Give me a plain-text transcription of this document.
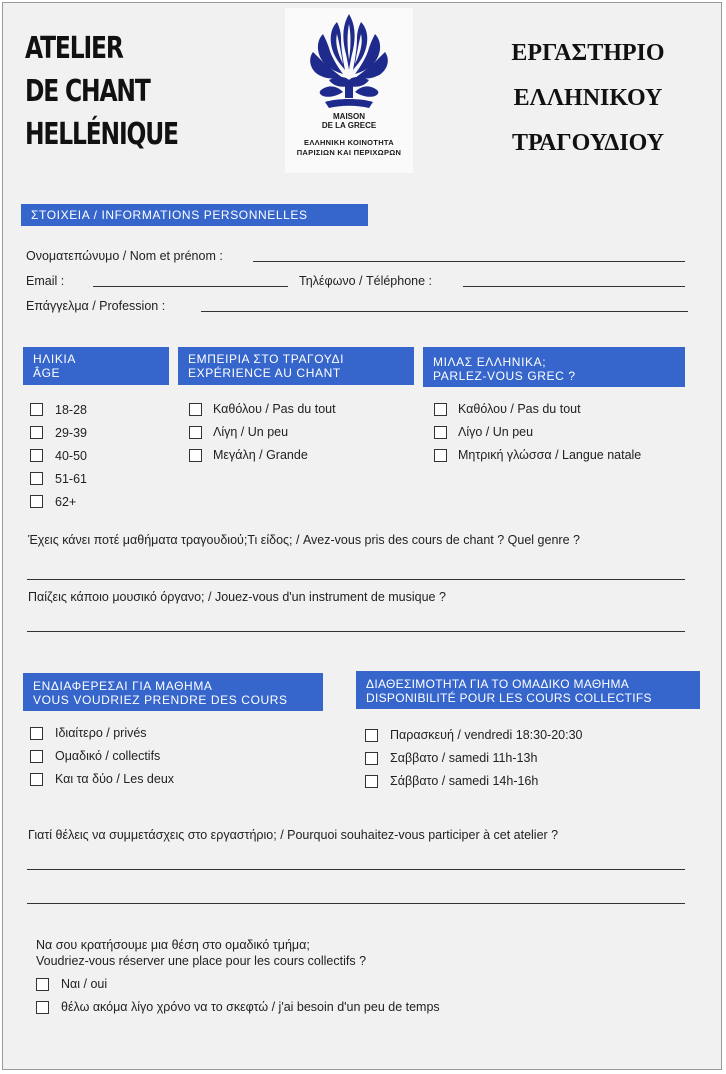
ATELIER
DE CHANT
HELLÉNIQUE
MAISON
DE LA GRECE
ΕΛΛΗΝΙΚΗ ΚΟΙΝΟΤΗΤΑ
ΠΑΡΙΣΙΩΝ ΚΑΙ ΠΕΡΙΧΩΡΩΝ
ΕΡΓΑΣΤΗΡΙΟ
ΕΛΛΗΝΙΚΟΥ
ΤΡΑΓΟΥΔΙΟΥ
ΣΤΟΙΧΕΙΑ / INFORMATIONS PERSONNELLES
Ονοματεπώνυμο / Nom et prénom :
Email :	Τηλέφωνο / Téléphone :
Επάγγελμα / Profession :
ΗΛΙΚΙΑ
ÂGE
18-28
29-39
40-50
51-61
62+
ΕΜΠΕΙΡΙΑ ΣΤΟ ΤΡΑΓΟΥΔΙ
EXPÉRIENCE AU CHANT
Καθόλου / Pas du tout
Λίγη / Un peu
Μεγάλη / Grande
ΜΙΛΑΣ ΕΛΛΗΝΙΚΑ;
PARLEZ-VOUS GREC ?
Καθόλου / Pas du tout
Λίγο / Un peu
Μητρική γλώσσα / Langue natale
Έχεις κάνει ποτέ μαθήματα τραγουδιού;Τι είδος; / Avez-vous pris des cours de chant ? Quel genre ?
Παίζεις κάποιο μουσικό όργανο; / Jouez-vous d'un instrument de musique ?
ΕΝΔΙΑΦΕΡΕΣΑΙ ΓΙΑ ΜΑΘΗΜΑ
VOUS VOUDRIEZ PRENDRE DES COURS
Ιδιαίτερο / privés
Ομαδικό / collectifs
Και τα δύο / Les deux
ΔΙΑΘΕΣΙΜΟΤΗΤΑ ΓΙΑ ΤΟ ΟΜΑΔΙΚΟ ΜΑΘΗΜΑ
DISPONIBILITÉ POUR LES COURS COLLECTIFS
Παρασκευή / vendredi 18:30-20:30
Σαββατο / samedi 11h-13h
Σάββατο / samedi 14h-16h
Γιατί θέλεις να συμμετάσχεις στο εργαστήριο; / Pourquoi souhaitez-vous participer à cet atelier ?
Να σου κρατήσουμε μια θέση στο ομαδικό τμήμα;
Voudriez-vous réserver une place pour les cours collectifs ?
Ναι / oui
θέλω ακόμα λίγο χρόνο να το σκεφτώ / j'ai besoin d'un peu de temps
